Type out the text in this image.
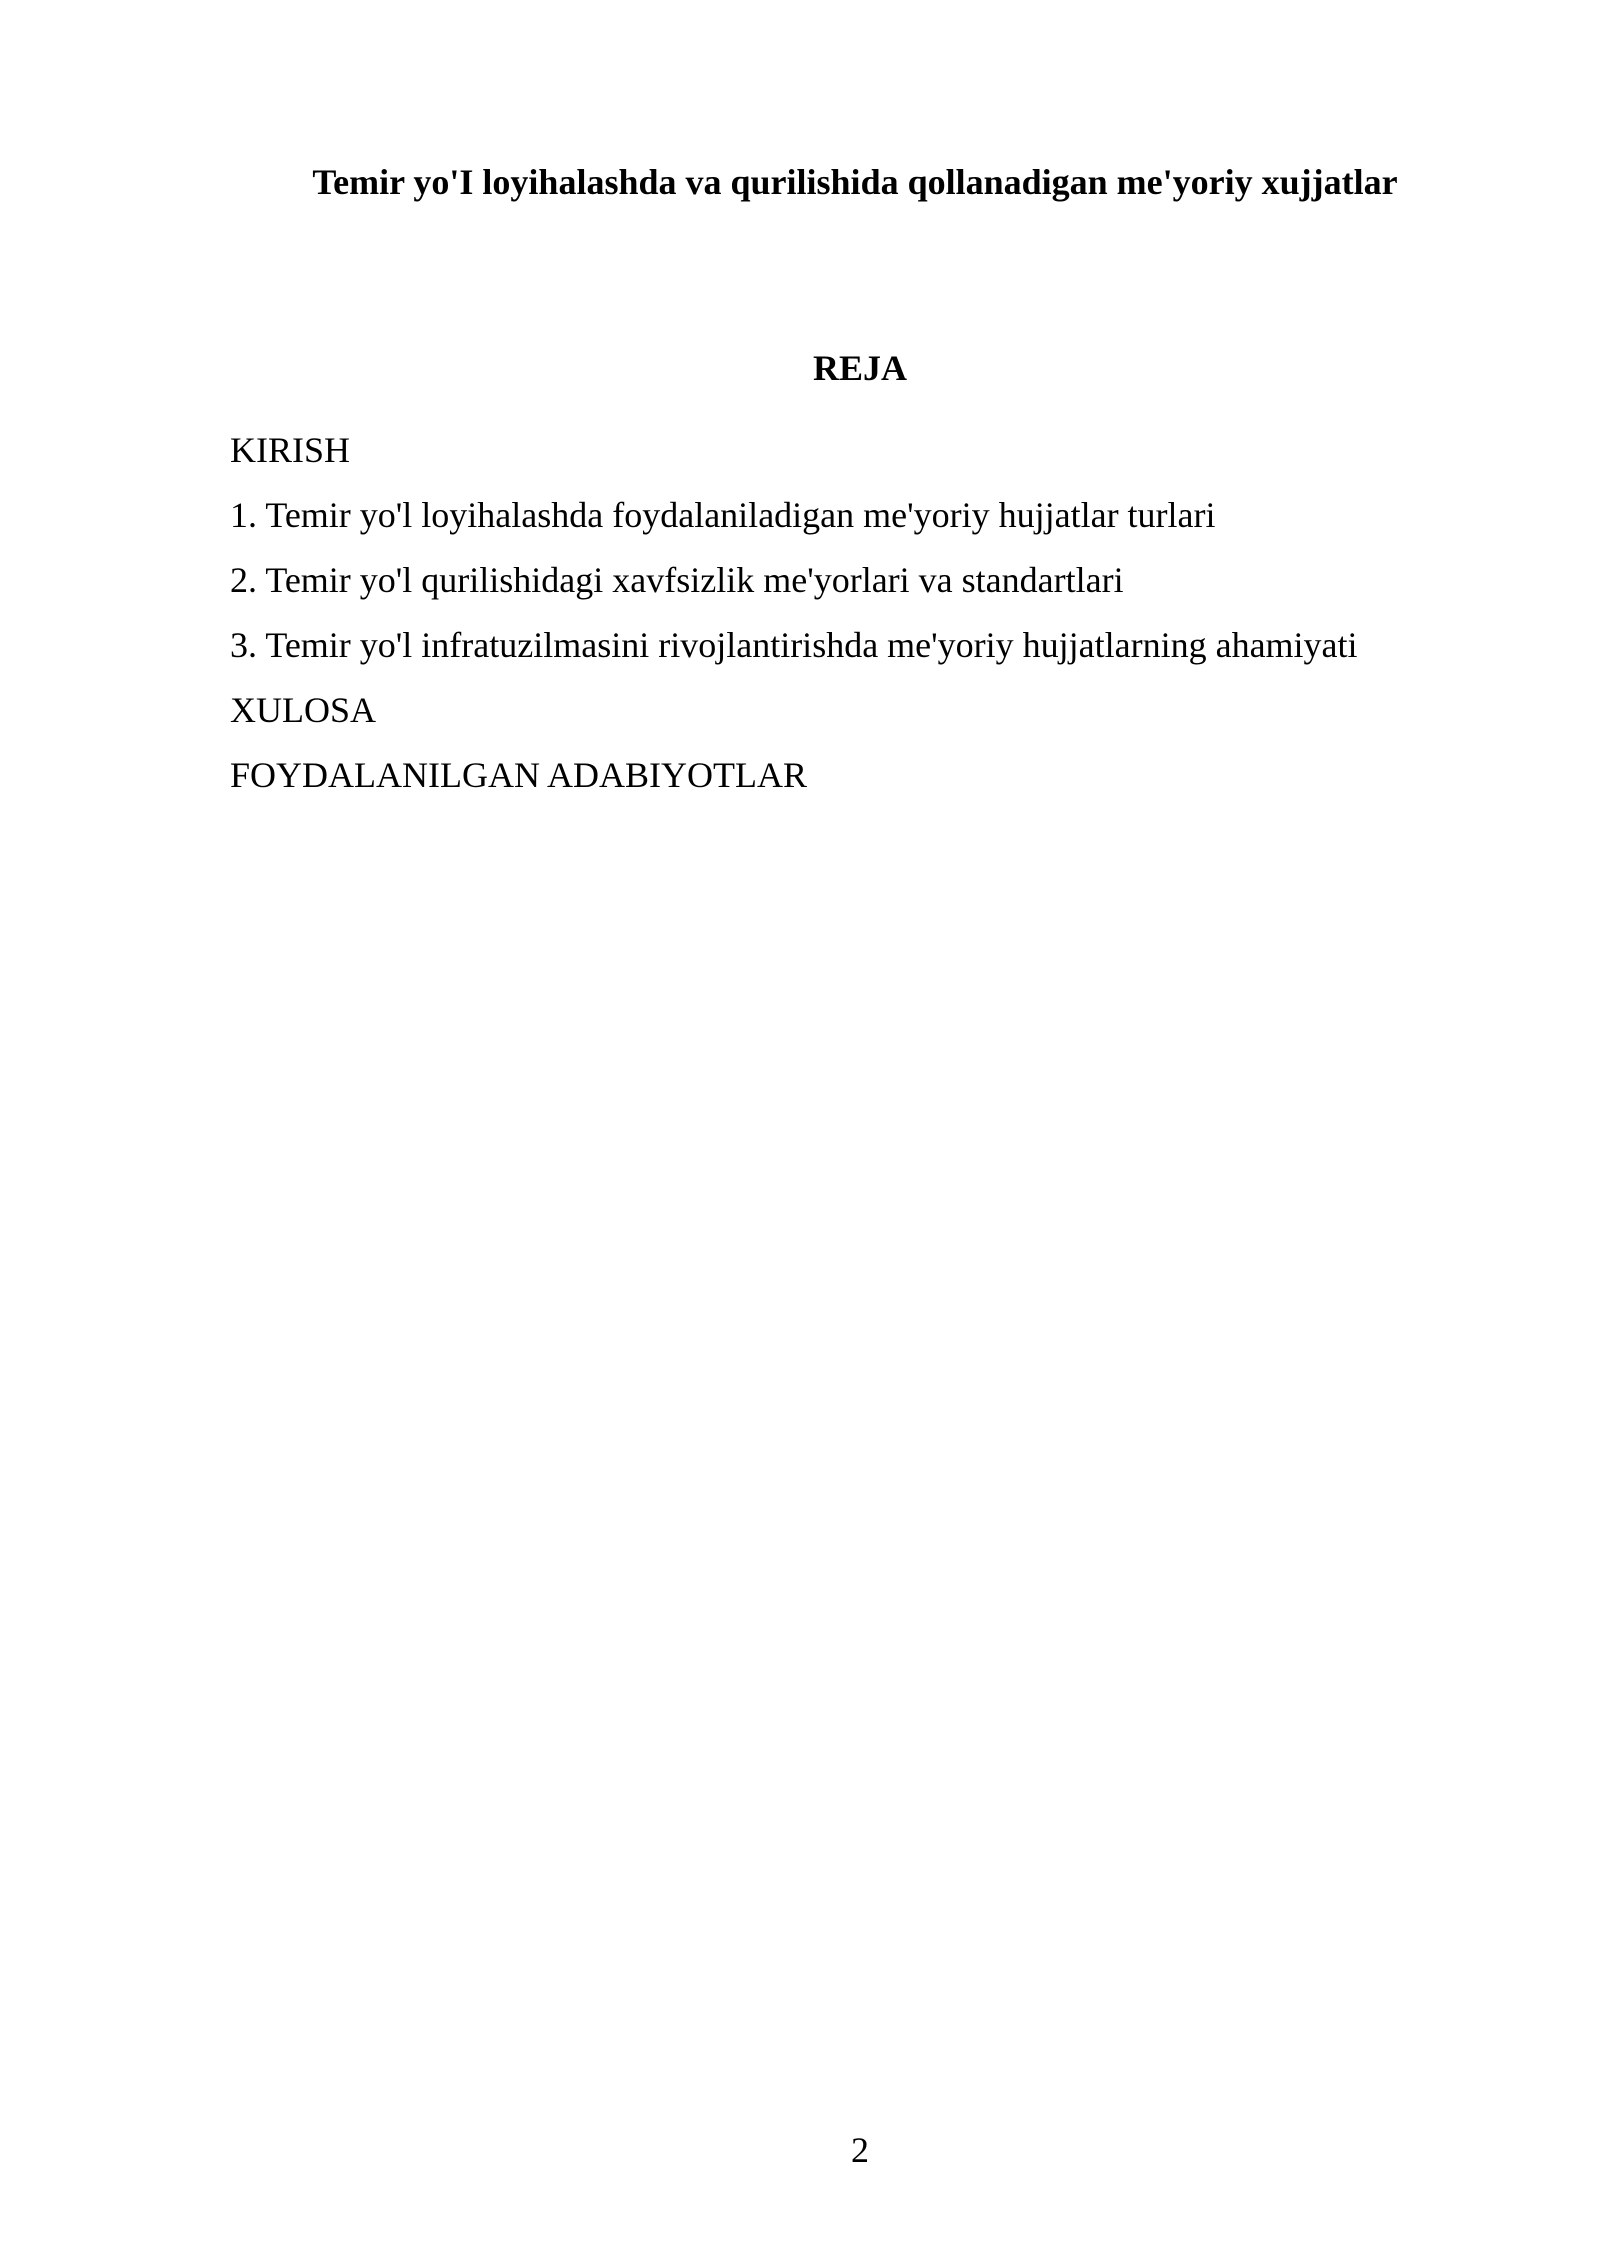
Temir yo'I loyihalashda va qurilishida qollanadigan me'yoriy xujjatlar
REJA
KIRISH
1. Temir yo'l loyihalashda foydalaniladigan me'yoriy hujjatlar turlari
2. Temir yo'l qurilishidagi xavfsizlik me'yorlari va standartlari
3. Temir yo'l infratuzilmasini rivojlantirishda me'yoriy hujjatlarning ahamiyati
XULOSA
FOYDALANILGAN ADABIYOTLAR
2
